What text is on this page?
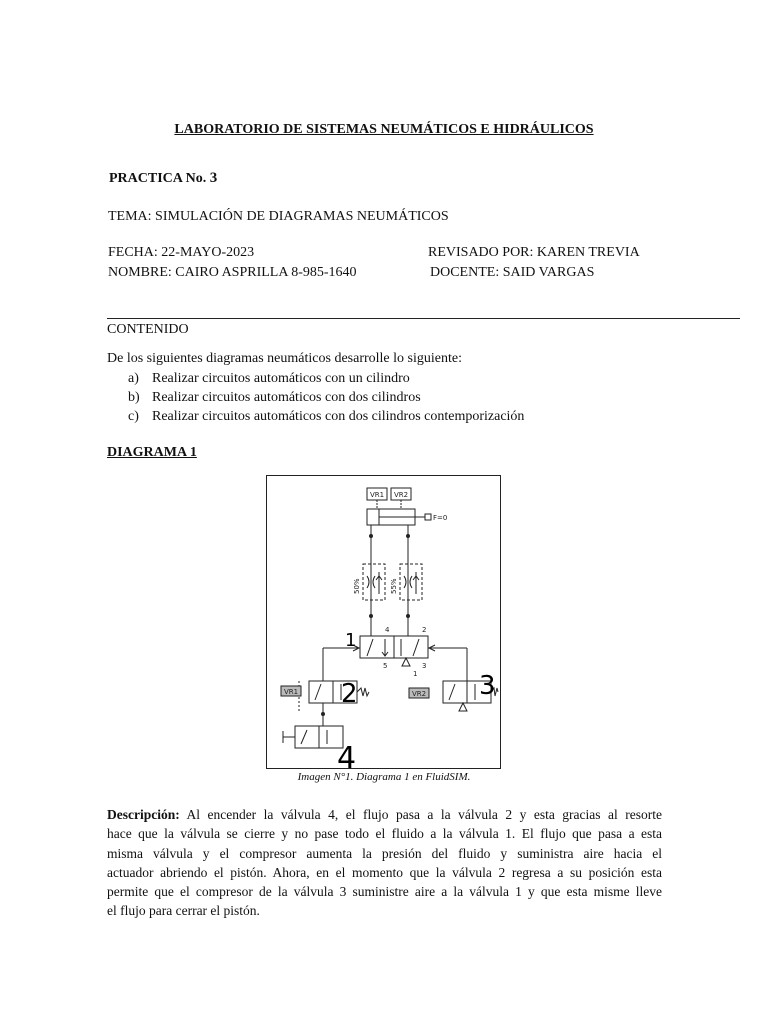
LABORATORIO DE SISTEMAS NEUMÁTICOS E HIDRÁULICOS
PRACTICA No. 3
TEMA: SIMULACIÓN DE DIAGRAMAS NEUMÁTICOS
FECHA: 22-MAYO-2023
NOMBRE: CAIRO ASPRILLA 8-985-1640
REVISADO POR: KAREN TREVIA
DOCENTE: SAID VARGAS
CONTENIDO
De los siguientes diagramas neumáticos desarrolle lo siguiente:
a) Realizar circuitos automáticos con un cilindro
b) Realizar circuitos automáticos con dos cilindros
c) Realizar circuitos automáticos con dos cilindros contemporización
DIAGRAMA 1
VR1 VR2
F=0
50%	55%
4	2
5	3
1
VR1	VR2
1
2	3
4
Imagen N°1. Diagrama 1 en FluidSIM.
Descripción: Al encender la válvula 4, el flujo pasa a la válvula 2 y esta gracias al resorte
hace que la válvula se cierre y no pase todo el fluido a la válvula 1. El flujo que pasa a esta
misma válvula y el compresor aumenta la presión del fluido y suministra aire hacia el
actuador abriendo el pistón. Ahora, en el momento que la válvula 2 regresa a su posición esta
permite que el compresor de la válvula 3 suministre aire a la válvula 1 y que esta misme lleve
el flujo para cerrar el pistón.
